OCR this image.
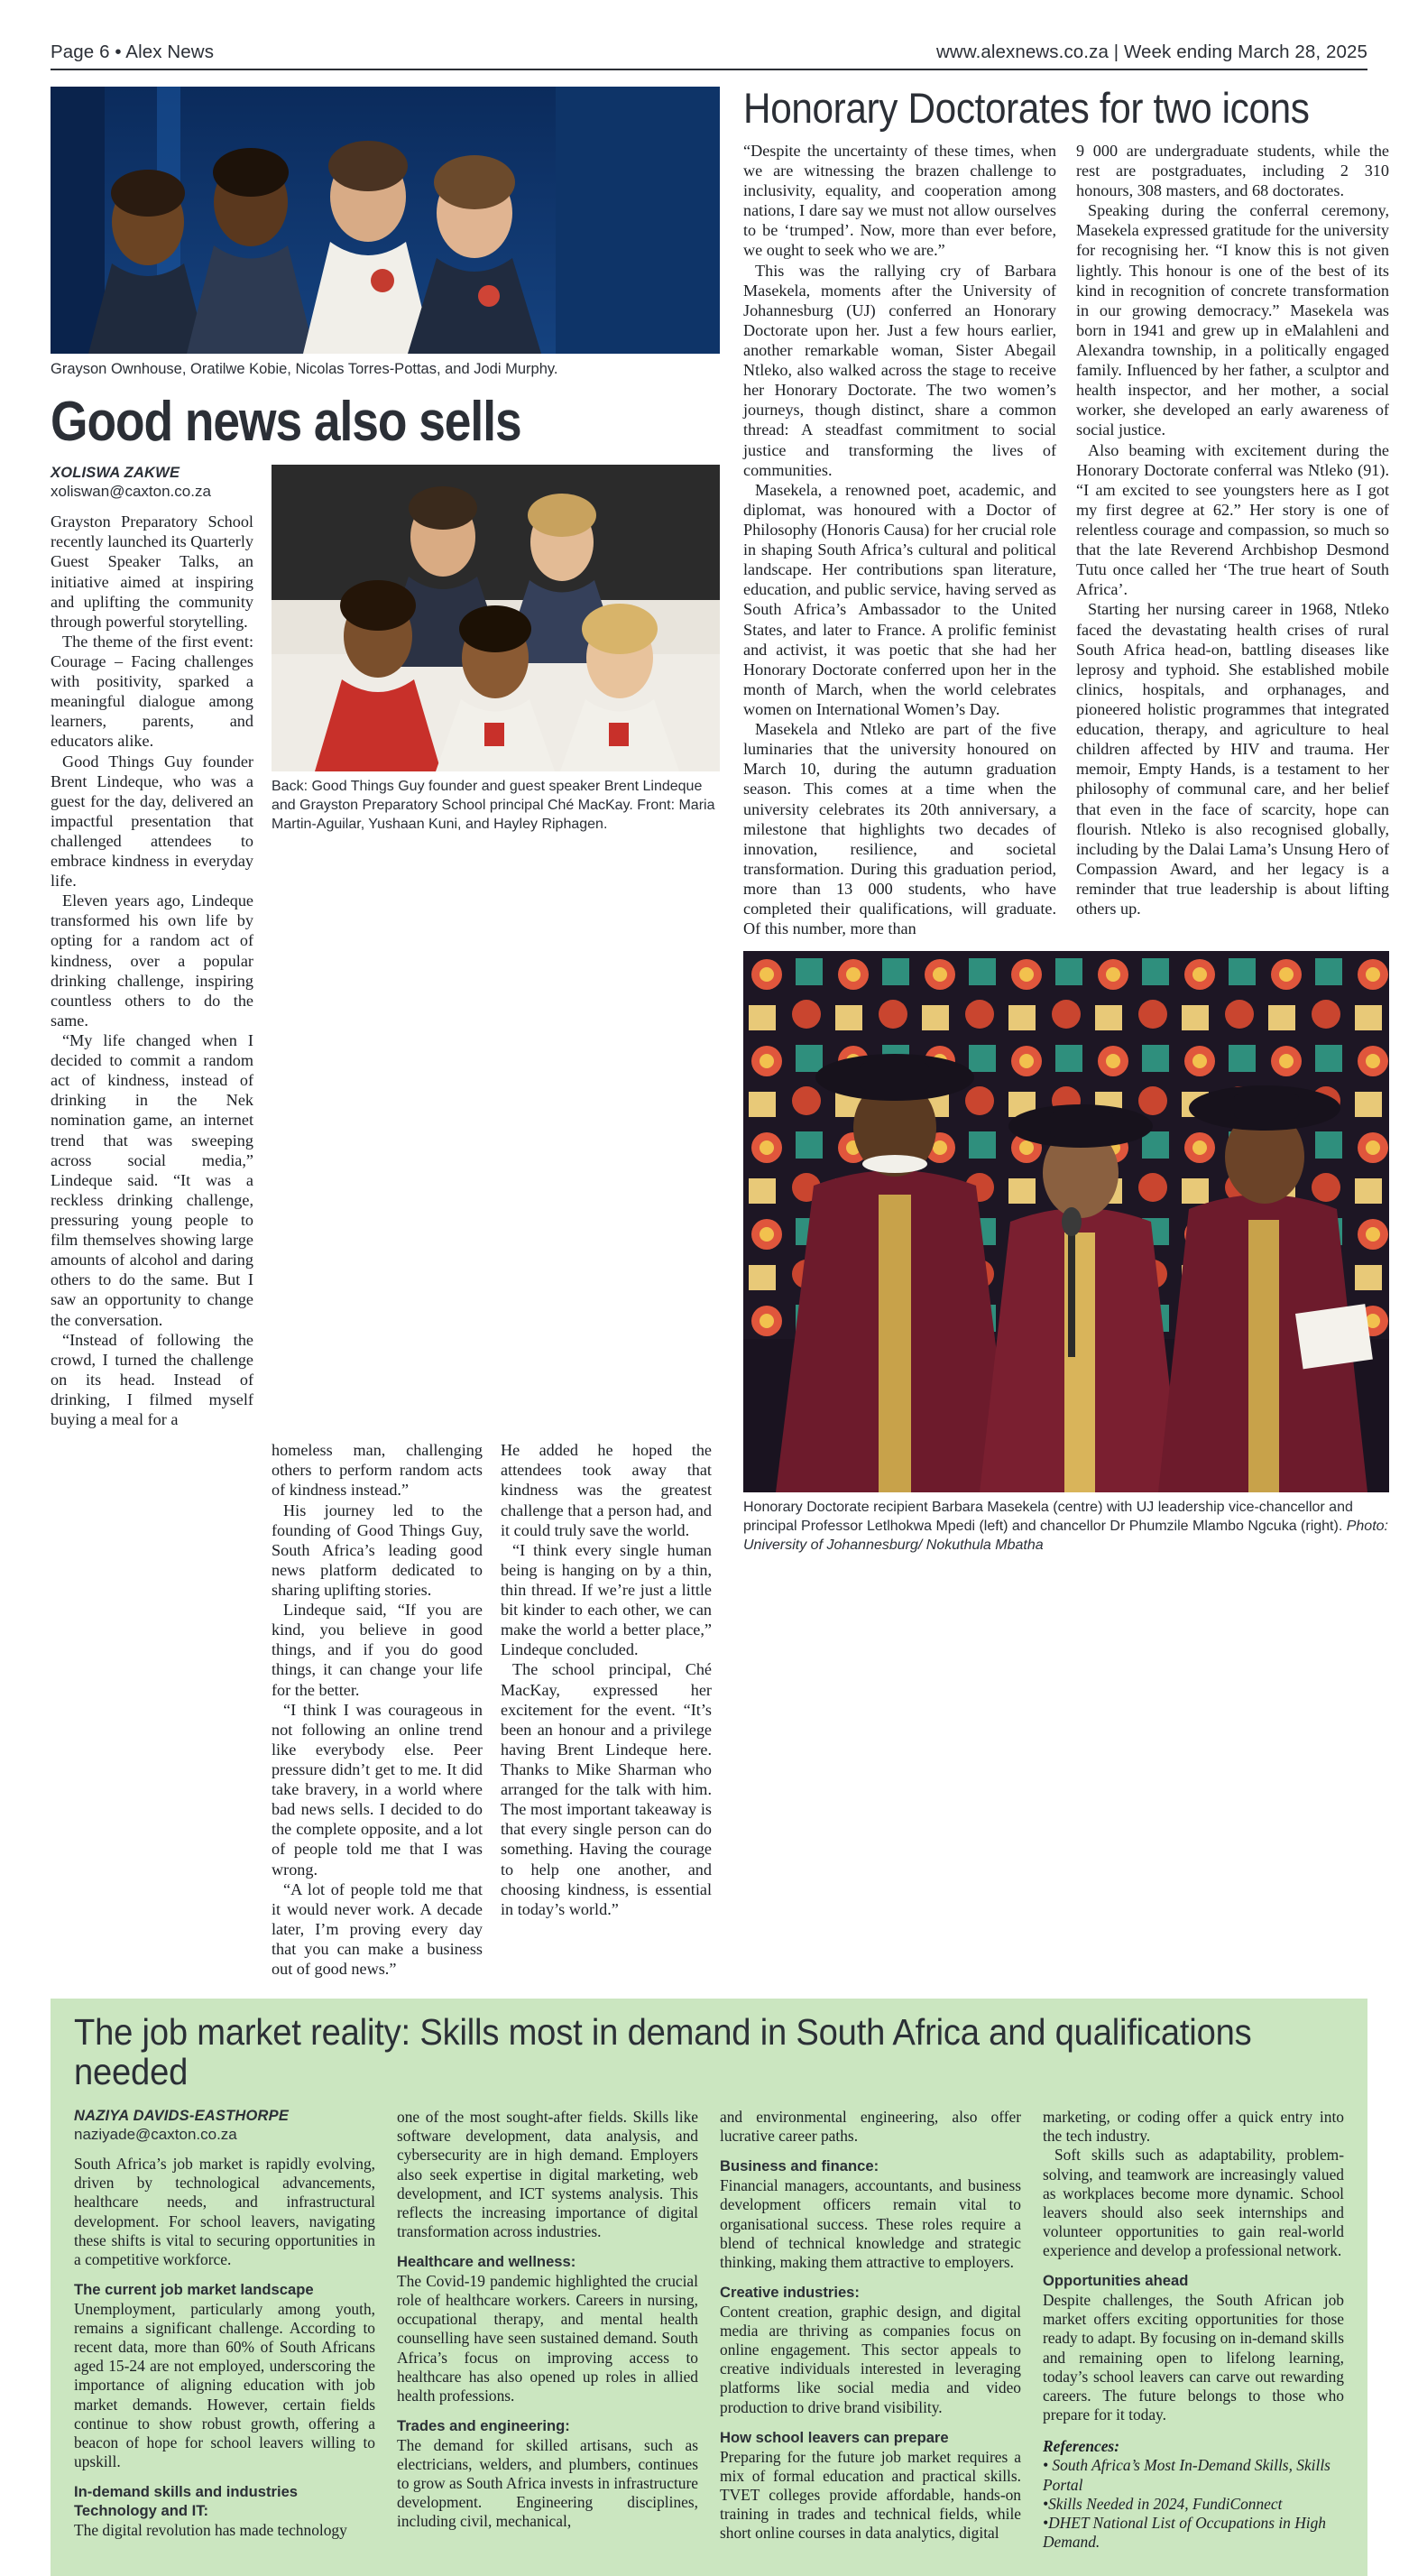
Page 6 • Alex News	www.alexnews.co.za | Week ending March 28, 2025
Grayson Ownhouse, Oratilwe Kobie, Nicolas Torres-Pottas, and Jodi Murphy.
Good news also sells
XOLISWA ZAKWE
xoliswan@caxton.co.za

Grayston Preparatory School recently launched its Quarterly Guest Speaker Talks, an initiative aimed at inspiring and uplifting the community through powerful storytelling.

The theme of the first event: Courage – Facing challenges with positivity, sparked a meaningful dialogue among learners, parents, and educators alike.

Good Things Guy founder Brent Lindeque, who was a guest for the day, delivered an impactful presentation that challenged attendees to embrace kindness in everyday life.

Eleven years ago, Lindeque transformed his own life by opting for a random act of kindness, over a popular drinking challenge, inspiring countless others to do the same.

“My life changed when I decided to commit a random act of kindness, instead of drinking in the Nek nomination game, an internet trend that was sweeping across social media,” Lindeque said. “It was a reckless drinking challenge, pressuring young people to film themselves showing large amounts of alcohol and daring others to do the same. But I saw an opportunity to change the conversation.

“Instead of following the crowd, I turned the challenge on its head. Instead of drinking, I filmed myself buying a meal for a

Back: Good Things Guy founder and guest speaker Brent Lindeque and Grayston Preparatory School principal Ché MacKay. Front: Maria Martin-Aguilar, Yushaan Kuni, and Hayley Riphagen.

homeless man, challenging others to perform random acts of kindness instead.”

His journey led to the founding of Good Things Guy, South Africa’s leading good news platform dedicated to sharing uplifting stories.

Lindeque said, “If you are kind, you believe in good things, and if you do good things, it can change your life for the better.

“I think I was courageous in not following an online trend like everybody else. Peer pressure didn’t get to me. It did take bravery, in a world where bad news sells. I decided to do the complete opposite, and a lot of people told me that I was wrong.

“A lot of people told me that it would never work. A decade later, I’m proving every day that you can make a business out of good news.”

He added he hoped the attendees took away that kindness was the greatest challenge that a person had, and it could truly save the world.

“I think every single human being is hanging on by a thin, thin thread. If we’re just a little bit kinder to each other, we can make the world a better place,” Lindeque concluded.

The school principal, Ché MacKay, expressed her excitement for the event. “It’s been an honour and a privilege having Brent Lindeque here. Thanks to Mike Sharman who arranged for the talk with him. The most important takeaway is that every single person can do something. Having the courage to help one another, and choosing kindness, is essential in today’s world.”

Honorary Doctorates for two icons

“Despite the uncertainty of these times, when we are witnessing the brazen challenge to inclusivity, equality, and cooperation among nations, I dare say we must not allow ourselves to be ‘trumped’. Now, more than ever before, we ought to seek who we are.”

This was the rallying cry of Barbara Masekela, moments after the University of Johannesburg (UJ) conferred an Honorary Doctorate upon her. Just a few hours earlier, another remarkable woman, Sister Abegail Ntleko, also walked across the stage to receive her Honorary Doctorate. The two women’s journeys, though distinct, share a common thread: A steadfast commitment to social justice and transforming the lives of communities.

Masekela, a renowned poet, academic, and diplomat, was honoured with a Doctor of Philosophy (Honoris Causa) for her crucial role in shaping South Africa’s cultural and political landscape. Her contributions span literature, education, and public service, having served as South Africa’s Ambassador to the United States, and later to France. A prolific feminist and activist, it was poetic that she had her Honorary Doctorate conferred upon her in the month of March, when the world celebrates women on International Women’s Day.

Masekela and Ntleko are part of the five luminaries that the university honoured on March 10, during the autumn graduation season. This comes at a time when the university celebrates its 20th anniversary, a milestone that highlights two decades of innovation, resilience, and societal transformation. During this graduation period, more than 13 000 students, who have completed their qualifications, will graduate. Of this number, more than

9 000 are undergraduate students, while the rest are postgraduates, including 2 310 honours, 308 masters, and 68 doctorates.

Speaking during the conferral ceremony, Masekela expressed gratitude for the university for recognising her. “I know this is not given lightly. This honour is one of the best of its kind in recognition of concrete transformation in our growing democracy.” Masekela was born in 1941 and grew up in eMalahleni and Alexandra township, in a politically engaged family. Influenced by her father, a sculptor and health inspector, and her mother, a social worker, she developed an early awareness of social justice.

Also beaming with excitement during the Honorary Doctorate conferral was Ntleko (91). “I am excited to see youngsters here as I got my first degree at 62.” Her story is one of relentless courage and compassion, so much so that the late Reverend Archbishop Desmond Tutu once called her ‘The true heart of South Africa’.

Starting her nursing career in 1968, Ntleko faced the devastating health crises of rural South Africa head-on, battling diseases like leprosy and typhoid. She established mobile clinics, hospitals, and orphanages, and pioneered holistic programmes that integrated education, therapy, and agriculture to heal children affected by HIV and trauma. Her memoir, Empty Hands, is a testament to her philosophy of communal care, and her belief that even in the face of scarcity, hope can flourish. Ntleko is also recognised globally, including by the Dalai Lama’s Unsung Hero of Compassion Award, and her legacy is a reminder that true leadership is about lifting others up.

Honorary Doctorate recipient Barbara Masekela (centre) with UJ leadership vice-chancellor and principal Professor Letlhokwa Mpedi (left) and chancellor Dr Phumzile Mlambo Ngcuka (right). Photo: University of Johannesburg/ Nokuthula Mbatha
The job market reality: Skills most in demand in South Africa and qualifications needed
NAZIYA DAVIDS-EASTHORPE
naziyade@caxton.co.za

South Africa’s job market is rapidly evolving, driven by technological advancements, healthcare needs, and infrastructural development. For school leavers, navigating these shifts is vital to securing opportunities in a competitive workforce.

The current job market landscape

Unemployment, particularly among youth, remains a significant challenge. According to recent data, more than 60% of South Africans aged 15-24 are not employed, underscoring the importance of aligning education with job market demands. However, certain fields continue to show robust growth, offering a beacon of hope for school leavers willing to upskill.

In-demand skills and industries
Technology and IT:

The digital revolution has made technology

one of the most sought-after fields. Skills like software development, data analysis, and cybersecurity are in high demand. Employers also seek expertise in digital marketing, web development, and ICT systems analysis. This reflects the increasing importance of digital transformation across industries.

Healthcare and wellness:

The Covid-19 pandemic highlighted the crucial role of healthcare workers. Careers in nursing, occupational therapy, and mental health counselling have seen sustained demand. South Africa’s focus on improving access to healthcare has also opened up roles in allied health professions.

Trades and engineering:

The demand for skilled artisans, such as electricians, welders, and plumbers, continues to grow as South Africa invests in infrastructure development. Engineering disciplines, including civil, mechanical,

and environmental engineering, also offer lucrative career paths.

Business and finance:

Financial managers, accountants, and business development officers remain vital to organisational success. These roles require a blend of technical knowledge and strategic thinking, making them attractive to employers.

Creative industries:

Content creation, graphic design, and digital media are thriving as companies focus on online engagement. This sector appeals to creative individuals interested in leveraging platforms like social media and video production to drive brand visibility.

How school leavers can prepare

Preparing for the future job market requires a mix of formal education and practical skills. TVET colleges provide affordable, hands-on training in trades and technical fields, while short online courses in data analytics, digital

marketing, or coding offer a quick entry into the tech industry.

Soft skills such as adaptability, problem-solving, and teamwork are increasingly valued as workplaces become more dynamic. School leavers should also seek internships and volunteer opportunities to gain real-world experience and develop a professional network.

Opportunities ahead

Despite challenges, the South African job market offers exciting opportunities for those ready to adapt. By focusing on in-demand skills and remaining open to lifelong learning, today’s school leavers can carve out rewarding careers. The future belongs to those who prepare for it today.

References:
• South Africa’s Most In-Demand Skills, Skills Portal
•Skills Needed in 2024, FundiConnect
•DHET National List of Occupations in High Demand.
